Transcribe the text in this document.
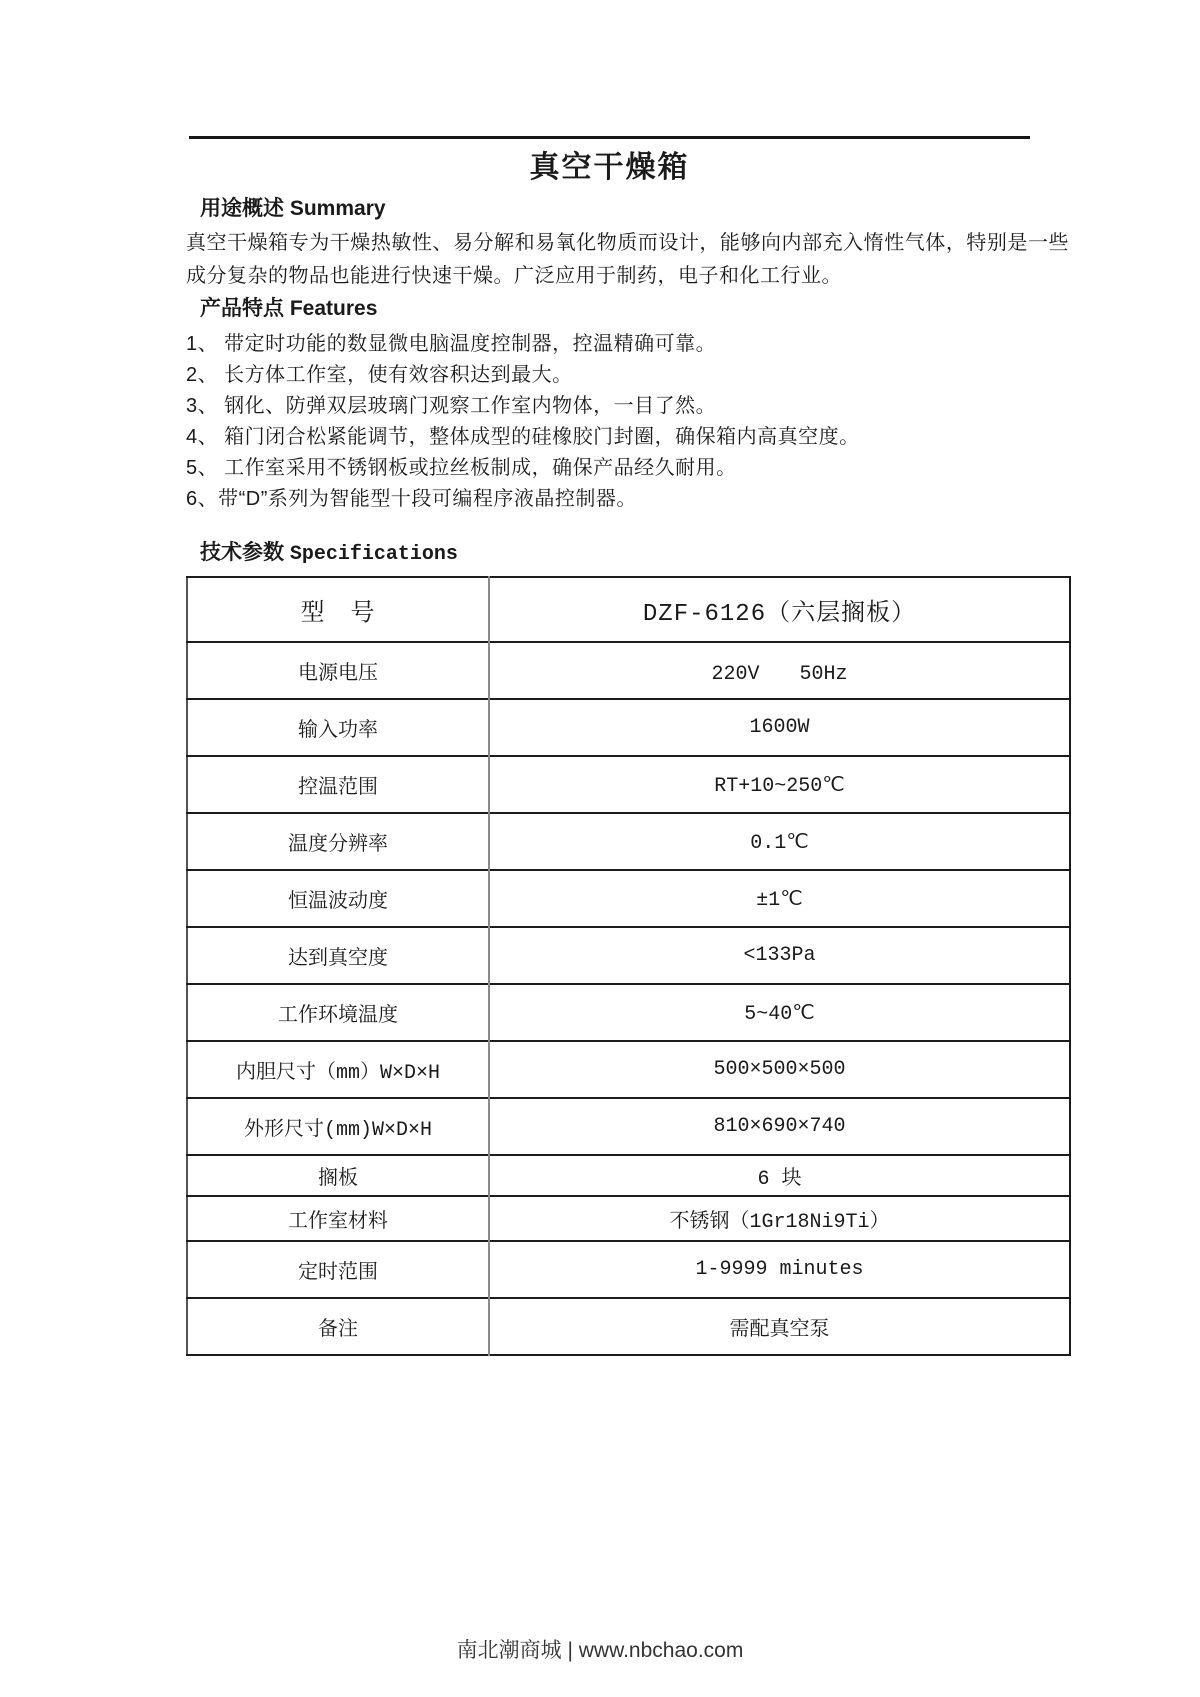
真空干燥箱
用途概述 Summary

真空干燥箱专为干燥热敏性、易分解和易氧化物质而设计，能够向内部充入惰性气体，特别是一些成分复杂的物品也能进行快速干燥。广泛应用于制药，电子和化工行业。

产品特点 Features
1、 带定时功能的数显微电脑温度控制器，控温精确可靠。
2、 长方体工作室，使有效容积达到最大。
3、 钢化、防弹双层玻璃门观察工作室内物体，一目了然。
4、 箱门闭合松紧能调节，整体成型的硅橡胶门封圈，确保箱内高真空度。
5、 工作室采用不锈钢板或拉丝板制成，确保产品经久耐用。
6、带“D”系列为智能型十段可编程序液晶控制器。
技术参数 Specifications
型　号	DZF-6126（六层搁板）
电源电压	220V　　50Hz
输入功率	1600W
控温范围	RT+10~250℃
温度分辨率	0.1℃
恒温波动度	±1℃
达到真空度	<133Pa
工作环境温度	5~40℃
内胆尺寸（mm）W×D×H	500×500×500
外形尺寸(mm)W×D×H	810×690×740
搁板	6 块
工作室材料	不锈钢（1Gr18Ni9Ti）
定时范围	1-9999 minutes
备注	需配真空泵
南北潮商城 | www.nbchao.com
